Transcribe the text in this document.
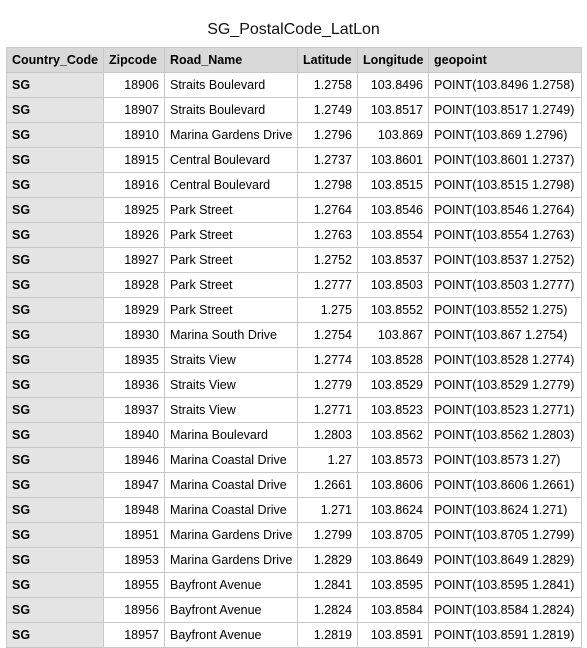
SG_PostalCode_LatLon
Country_Code	Zipcode	Road_Name	Latitude	Longitude	geopoint
SG	18906	Straits Boulevard	1.2758	103.8496	POINT(103.8496 1.2758)
SG	18907	Straits Boulevard	1.2749	103.8517	POINT(103.8517 1.2749)
SG	18910	Marina Gardens Drive	1.2796	103.869	POINT(103.869 1.2796)
SG	18915	Central Boulevard	1.2737	103.8601	POINT(103.8601 1.2737)
SG	18916	Central Boulevard	1.2798	103.8515	POINT(103.8515 1.2798)
SG	18925	Park Street	1.2764	103.8546	POINT(103.8546 1.2764)
SG	18926	Park Street	1.2763	103.8554	POINT(103.8554 1.2763)
SG	18927	Park Street	1.2752	103.8537	POINT(103.8537 1.2752)
SG	18928	Park Street	1.2777	103.8503	POINT(103.8503 1.2777)
SG	18929	Park Street	1.275	103.8552	POINT(103.8552 1.275)
SG	18930	Marina South Drive	1.2754	103.867	POINT(103.867 1.2754)
SG	18935	Straits View	1.2774	103.8528	POINT(103.8528 1.2774)
SG	18936	Straits View	1.2779	103.8529	POINT(103.8529 1.2779)
SG	18937	Straits View	1.2771	103.8523	POINT(103.8523 1.2771)
SG	18940	Marina Boulevard	1.2803	103.8562	POINT(103.8562 1.2803)
SG	18946	Marina Coastal Drive	1.27	103.8573	POINT(103.8573 1.27)
SG	18947	Marina Coastal Drive	1.2661	103.8606	POINT(103.8606 1.2661)
SG	18948	Marina Coastal Drive	1.271	103.8624	POINT(103.8624 1.271)
SG	18951	Marina Gardens Drive	1.2799	103.8705	POINT(103.8705 1.2799)
SG	18953	Marina Gardens Drive	1.2829	103.8649	POINT(103.8649 1.2829)
SG	18955	Bayfront Avenue	1.2841	103.8595	POINT(103.8595 1.2841)
SG	18956	Bayfront Avenue	1.2824	103.8584	POINT(103.8584 1.2824)
SG	18957	Bayfront Avenue	1.2819	103.8591	POINT(103.8591 1.2819)
